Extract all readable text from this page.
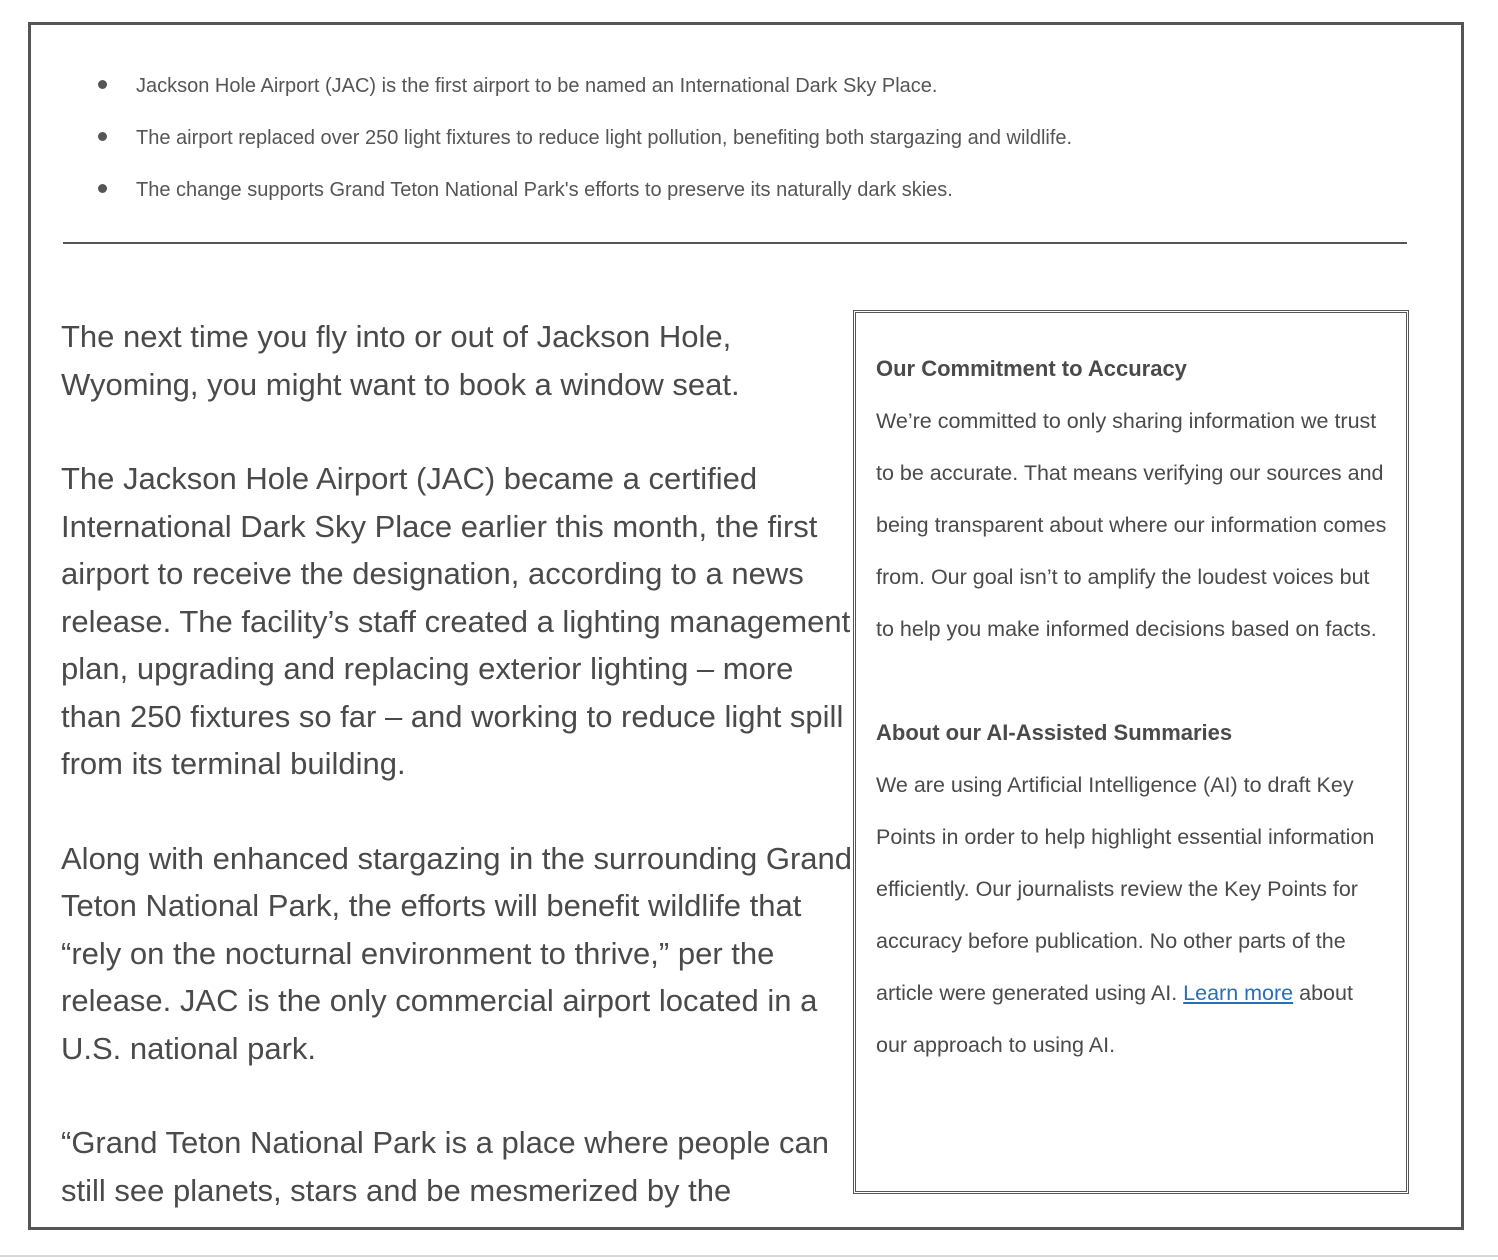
Jackson Hole Airport (JAC) is the first airport to be named an International Dark Sky Place.
The airport replaced over 250 light fixtures to reduce light pollution, benefiting both stargazing and wildlife.
The change supports Grand Teton National Park's efforts to preserve its naturally dark skies.

The next time you fly into or out of Jackson Hole, Wyoming, you might want to book a window seat.

The Jackson Hole Airport (JAC) became a certified International Dark Sky Place earlier this month, the first airport to receive the designation, according to a news release. The facility’s staff created a lighting management plan, upgrading and replacing exterior lighting – more than 250 fixtures so far – and working to reduce light spill from its terminal building.

Along with enhanced stargazing in the surrounding Grand Teton National Park, the efforts will benefit wildlife that “rely on the nocturnal environment to thrive,” per the release. JAC is the only commercial airport located in a U.S. national park.

“Grand Teton National Park is a place where people can still see planets, stars and be mesmerized by the

Our Commitment to Accuracy

We’re committed to only sharing information we trust to be accurate. That means verifying our sources and being transparent about where our information comes from. Our goal isn’t to amplify the loudest voices but to help you make informed decisions based on facts.

About our AI-Assisted Summaries

We are using Artificial Intelligence (AI) to draft Key Points in order to help highlight essential information efficiently. Our journalists review the Key Points for accuracy before publication. No other parts of the article were generated using AI. Learn more about our approach to using AI.
